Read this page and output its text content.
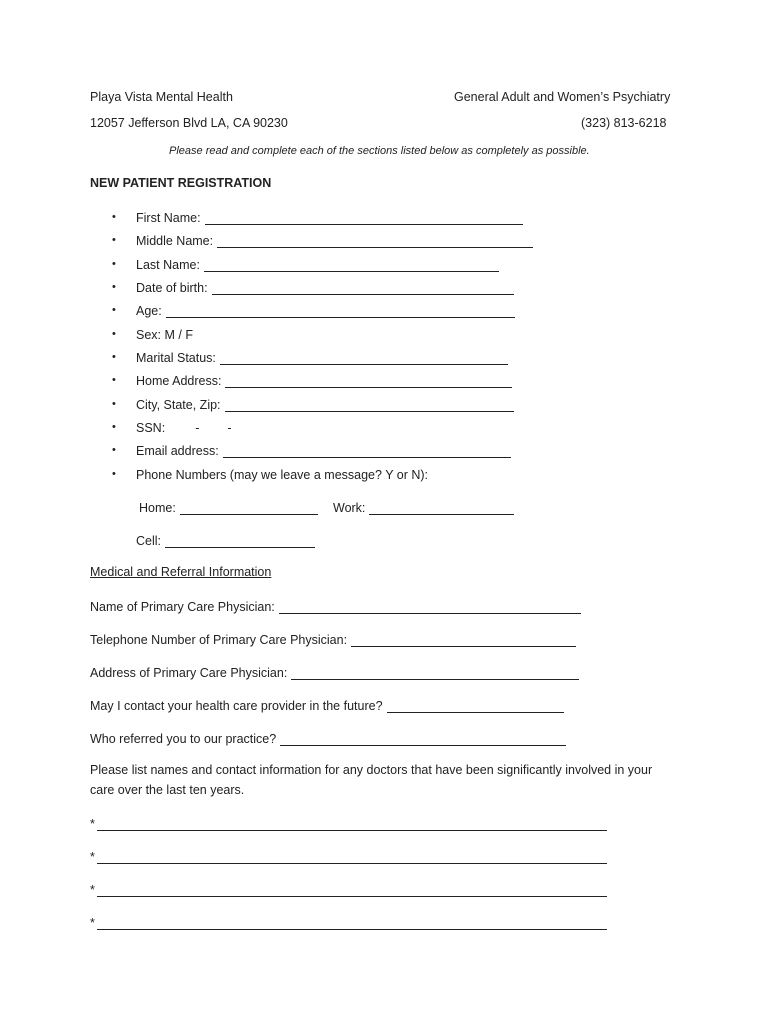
Playa Vista Mental Health	General Adult and Women’s Psychiatry
12057 Jefferson Blvd LA, CA 90230	(323) 813-6218
Please read and complete each of the sections listed below as completely as possible.
NEW PATIENT REGISTRATION
•	First Name:
•	Middle Name:
•	Last Name:
•	Date of birth:
•	Age:
•	Sex: M / F
•	Marital Status:
•	Home Address:
•	City, State, Zip:
•	SSN: - -
•	Email address:
•	Phone Numbers (may we leave a message? Y or N):
Home:	Work:
Cell:
Medical and Referral Information
Name of Primary Care Physician:
Telephone Number of Primary Care Physician:
Address of Primary Care Physician:
May I contact your health care provider in the future?
Who referred you to our practice?
Please list names and contact information for any doctors that have been significantly involved in your
care over the last ten years.
*
*
*
*
